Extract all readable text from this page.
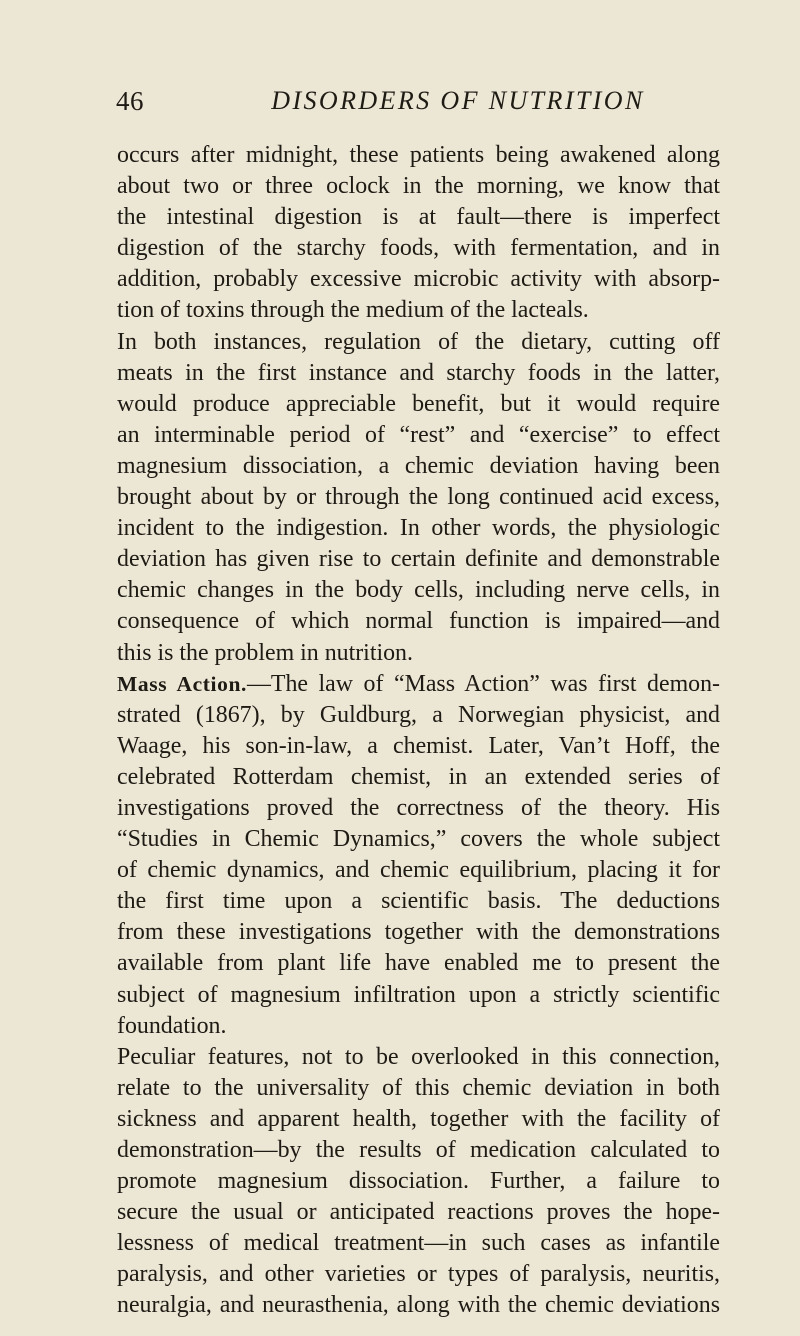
46	DISORDERS OF NUTRITION
occurs after midnight, these patients being awakened along
about two or three oclock in the morning, we know that
the intestinal digestion is at fault—there is imperfect
digestion of the starchy foods, with fermentation, and in
addition, probably excessive microbic activity with absorp-
tion of toxins through the medium of the lacteals.
In both instances, regulation of the dietary, cutting off
meats in the first instance and starchy foods in the latter,
would produce appreciable benefit, but it would require
an interminable period of “rest” and “exercise” to effect
magnesium dissociation, a chemic deviation having been
brought about by or through the long continued acid excess,
incident to the indigestion. In other words, the physiologic
deviation has given rise to certain definite and demonstrable
chemic changes in the body cells, including nerve cells, in
consequence of which normal function is impaired—and
this is the problem in nutrition.
Mass Action.—The law of “Mass Action” was first demon-
strated (1867), by Guldburg, a Norwegian physicist, and
Waage, his son-in-law, a chemist. Later, Van’t Hoff, the
celebrated Rotterdam chemist, in an extended series of
investigations proved the correctness of the theory. His
“Studies in Chemic Dynamics,” covers the whole subject
of chemic dynamics, and chemic equilibrium, placing it for
the first time upon a scientific basis. The deductions
from these investigations together with the demonstrations
available from plant life have enabled me to present the
subject of magnesium infiltration upon a strictly scientific
foundation.
Peculiar features, not to be overlooked in this connection,
relate to the universality of this chemic deviation in both
sickness and apparent health, together with the facility of
demonstration—by the results of medication calculated to
promote magnesium dissociation. Further, a failure to
secure the usual or anticipated reactions proves the hope-
lessness of medical treatment—in such cases as infantile
paralysis, and other varieties or types of paralysis, neuritis,
neuralgia, and neurasthenia, along with the chemic deviations
